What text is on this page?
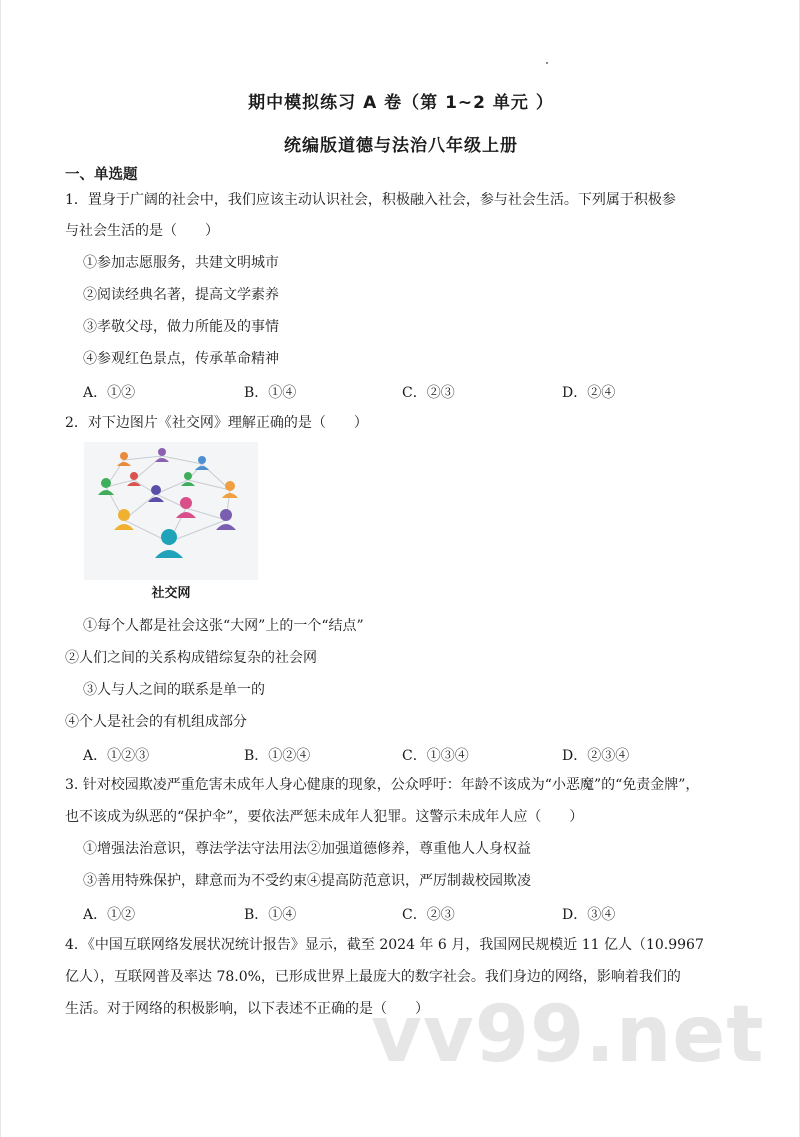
期中模拟练习 A 卷（第 1~2 单元 ）
统编版道德与法治八年级上册
一、单选题
1．置身于广阔的社会中，我们应该主动认识社会，积极融入社会，参与社会生活。下列属于积极参
与社会生活的是（　　）
①参加志愿服务，共建文明城市
②阅读经典名著，提高文学素养
③孝敬父母，做力所能及的事情
④参观红色景点，传承革命精神
A．①②	B．①④	C．②③	D．②④
2．对下边图片《社交网》理解正确的是（　　）
社交网
①每个人都是社会这张“大网”上的一个“结点”
②人们之间的关系构成错综复杂的社会网
③人与人之间的联系是单一的
④个人是社会的有机组成部分
A．①②③	B．①②④	C．①③④	D．②③④
3. 针对校园欺凌严重危害未成年人身心健康的现象，公众呼吁：年龄不该成为“小恶魔”的“免责金牌”，
也不该成为纵恶的“保护伞”，要依法严惩未成年人犯罪。这警示未成年人应（　　）
①增强法治意识，尊法学法守法用法②加强道德修养，尊重他人人身权益
③善用特殊保护，肆意而为不受约束④提高防范意识，严厉制裁校园欺凌
A．①②	B．①④	C．②③	D．③④
4．《中国互联网络发展状况统计报告》显示，截至 2024 年 6 月，我国网民规模近 11 亿人（10.9967
亿人），互联网普及率达 78.0%，已形成世界上最庞大的数字社会。我们身边的网络，影响着我们的
生活。对于网络的积极影响，以下表述不正确的是（　　）
vv99.net
